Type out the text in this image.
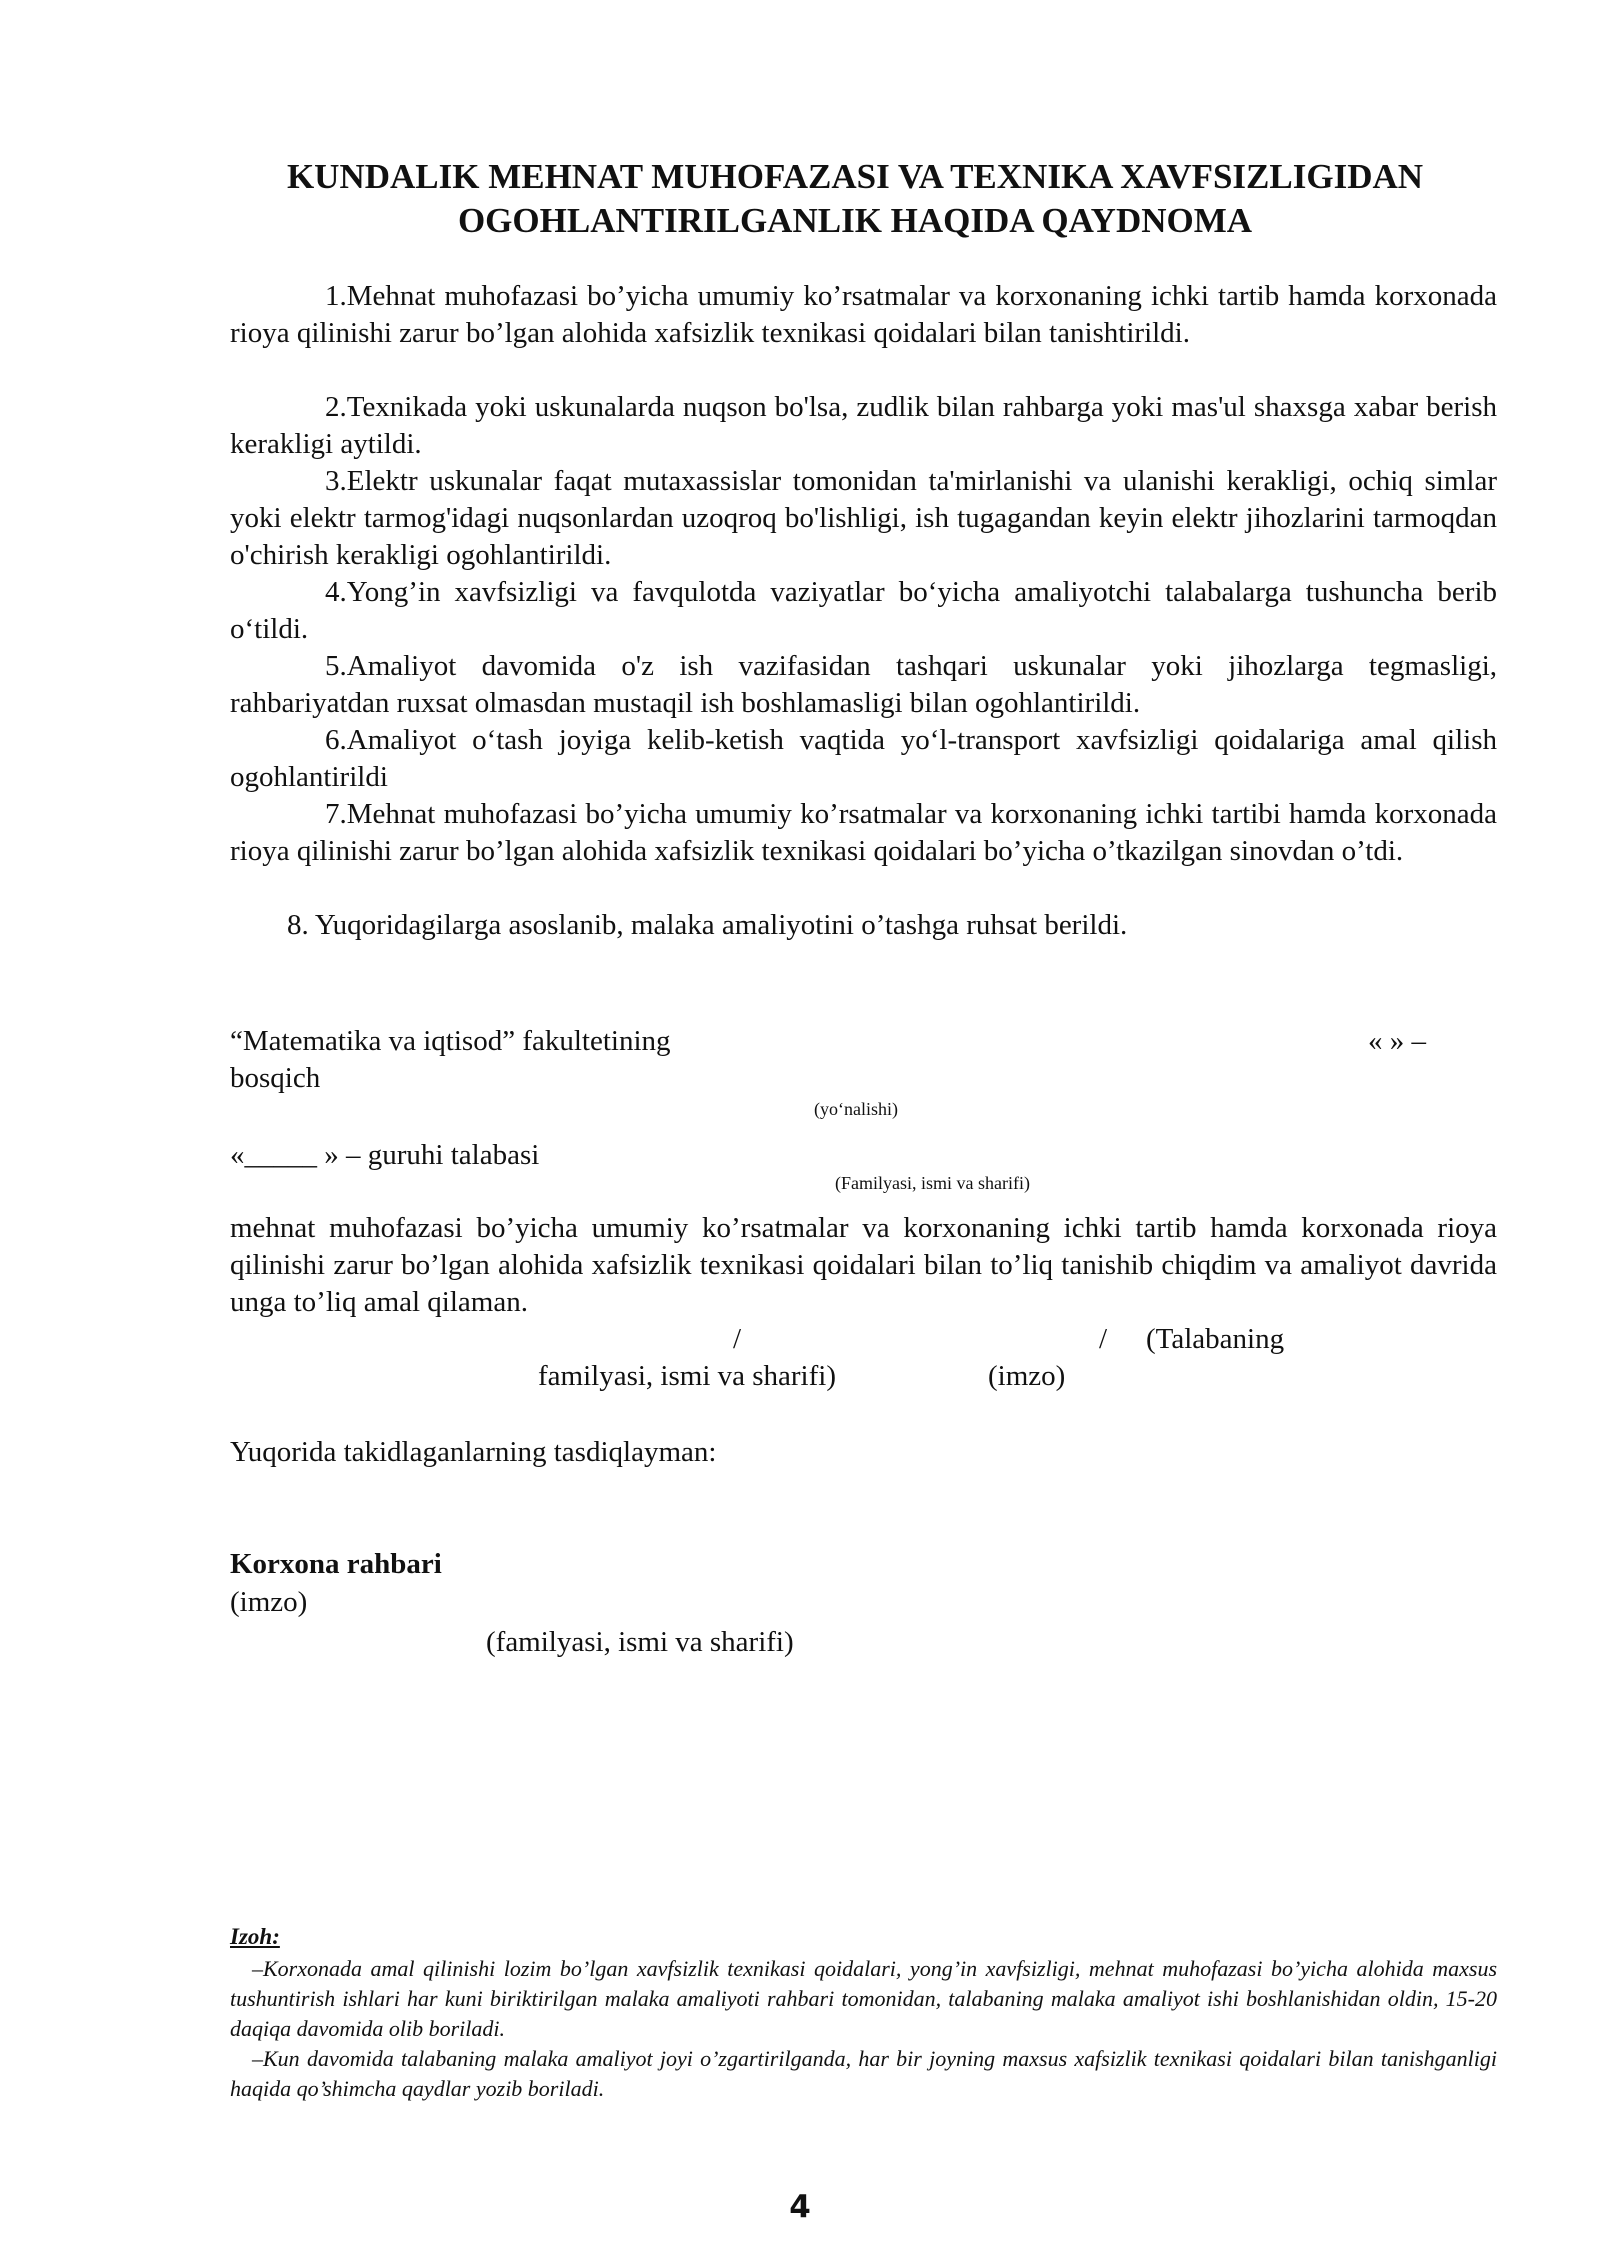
KUNDALIK MEHNAT MUHOFAZASI VA TEXNIKA XAVFSIZLIGIDAN
OGOHLANTIRILGANLIK HAQIDA QAYDNOMA

1.Mehnat muhofazasi bo’yicha umumiy ko’rsatmalar va korxonaning ichki tartib hamda korxonada rioya qilinishi zarur bo’lgan alohida xafsizlik texnikasi qoidalari bilan tanishtirildi.

2.Texnikada yoki uskunalarda nuqson bo'lsa, zudlik bilan rahbarga yoki mas'ul shaxsga xabar berish kerakligi aytildi.

3.Elektr uskunalar faqat mutaxassislar tomonidan ta'mirlanishi va ulanishi kerakligi, ochiq simlar yoki elektr tarmog'idagi nuqsonlardan uzoqroq bo'lishligi, ish tugagandan keyin elektr jihozlarini tarmoqdan o'chirish kerakligi ogohlantirildi.

4.Yong’in xavfsizligi va favqulotda vaziyatlar bo‘yicha amaliyotchi talabalarga tushuncha berib o‘tildi.

5.Amaliyot davomida o'z ish vazifasidan tashqari uskunalar yoki jihozlarga tegmasligi, rahbariyatdan ruxsat olmasdan mustaqil ish boshlamasligi bilan ogohlantirildi.

6.Amaliyot o‘tash joyiga kelib-ketish vaqtida yo‘l-transport xavfsizligi qoidalariga amal qilish ogohlantirildi

7.Mehnat muhofazasi bo’yicha umumiy ko’rsatmalar va korxonaning ichki tartibi hamda korxonada rioya qilinishi zarur bo’lgan alohida xafsizlik texnikasi qoidalari bo’yicha o’tkazilgan sinovdan o’tdi.

8. Yuqoridagilarga asoslanib, malaka amaliyotini o’tashga ruhsat berildi.

“Matematika va iqtisod” fakultetining	« » –
bosqich
(yo‘nalishi)
«_____ » – guruhi talabasi
(Familyasi, ismi va sharifi)

mehnat muhofazasi bo’yicha umumiy ko’rsatmalar va korxonaning ichki tartib hamda korxonada rioya qilinishi zarur bo’lgan alohida xafsizlik texnikasi qoidalari bilan to’liq tanishib chiqdim va amaliyot davrida unga to’liq amal qilaman.

/	/ (Talabaning
familyasi, ismi va sharifi)	(imzo)
Yuqorida takidlaganlarning tasdiqlayman:
Korxona rahbari
(imzo)
(familyasi, ismi va sharifi)
Izoh:

–Korxonada amal qilinishi lozim bo’lgan xavfsizlik texnikasi qoidalari, yong’in xavfsizligi, mehnat muhofazasi bo’yicha alohida maxsus tushuntirish ishlari har kuni biriktirilgan malaka amaliyoti rahbari tomonidan, talabaning malaka amaliyot ishi boshlanishidan oldin, 15-20 daqiqa davomida olib boriladi.

–Kun davomida talabaning malaka amaliyot joyi o’zgartirilganda, har bir joyning maxsus xafsizlik texnikasi qoidalari bilan tanishganligi haqida qo’shimcha qaydlar yozib boriladi.

4
